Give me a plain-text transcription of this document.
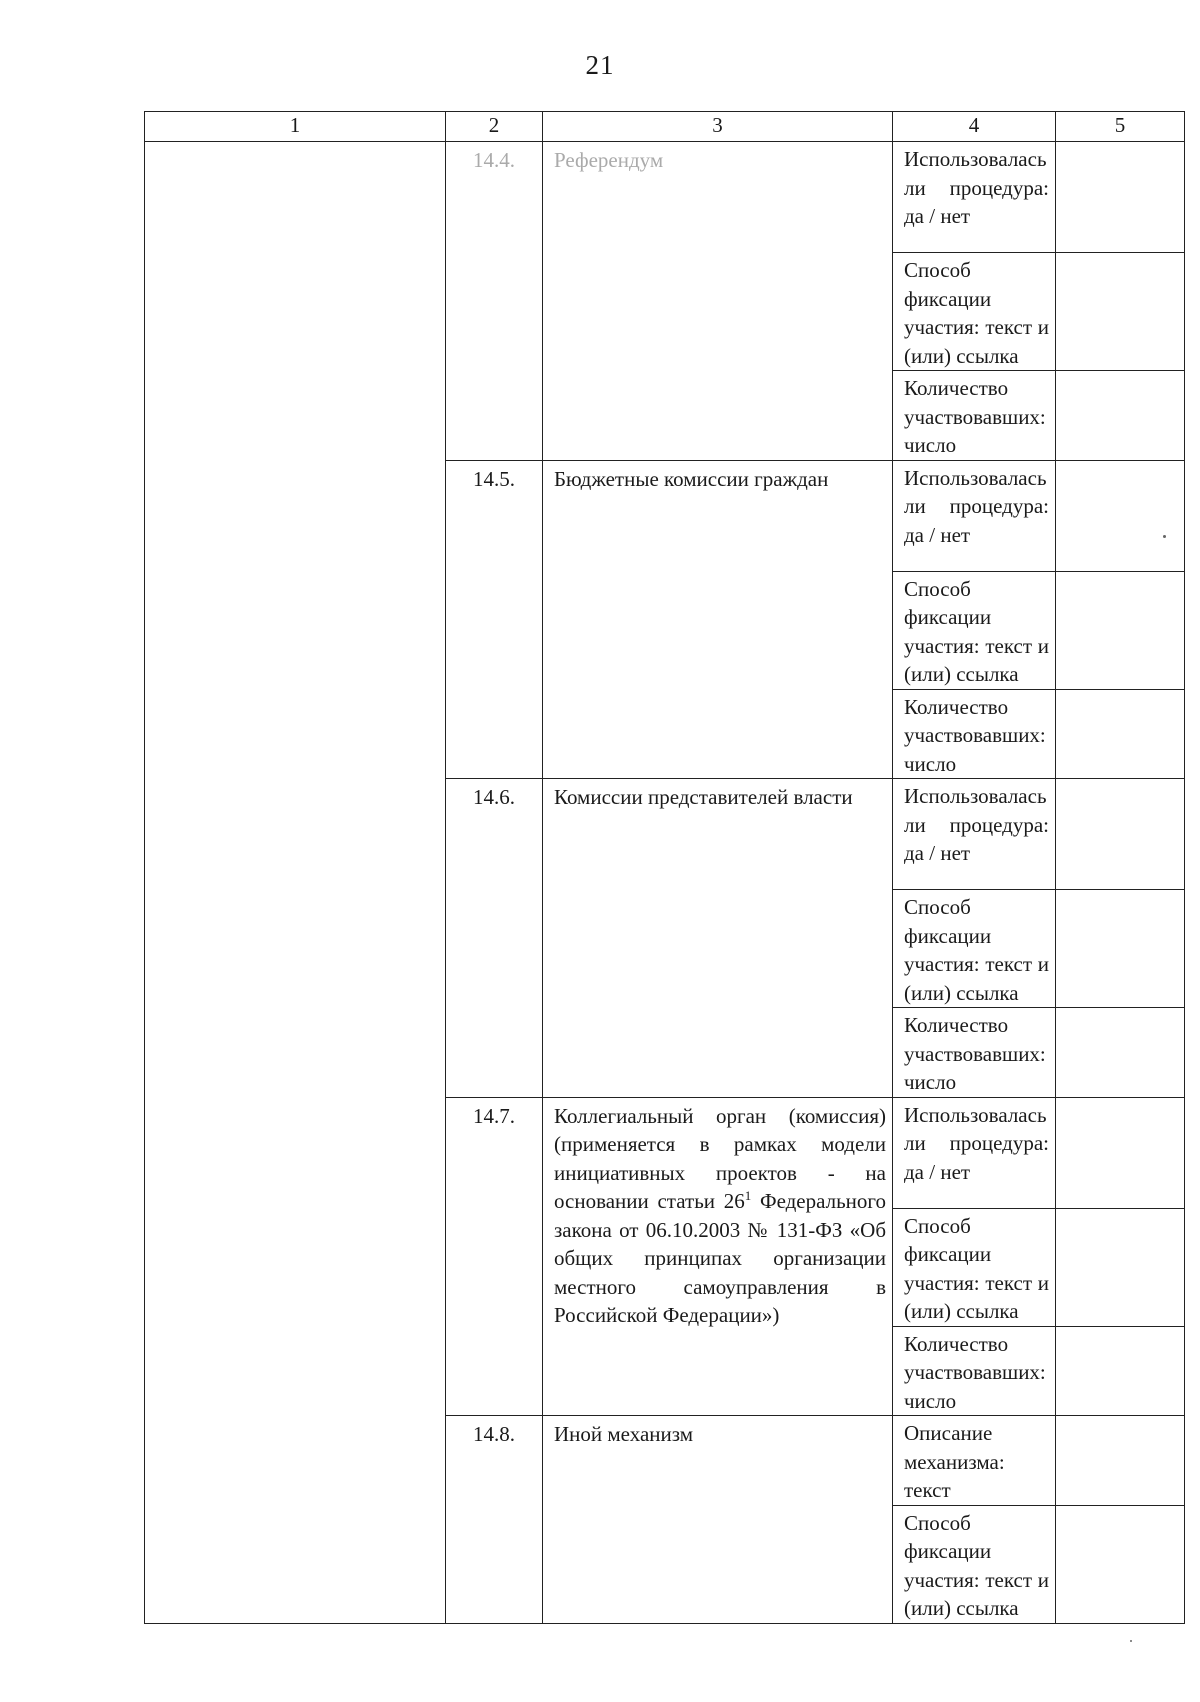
21
1	2	3	4	5
	14.4.	Референдум	Использовалась ли процедура: да / нет	
			Способ фиксации участия: текст и (или) ссылка	
			Количество участвовавших: число	
	14.5.	Бюджетные комиссии граждан	Использовалась ли процедура: да / нет	
			Способ фиксации участия: текст и (или) ссылка	
			Количество участвовавших: число	
	14.6.	Комиссии представителей власти	Использовалась ли процедура: да / нет	
			Способ фиксации участия: текст и (или) ссылка	
			Количество участвовавших: число	
	14.7.	Коллегиальный орган (комиссия) (применяется в рамках модели инициативных проектов - на основании статьи $26^1$ Федерального закона от 06.10.2003 № 131-ФЗ «Об общих принципах организации местного самоуправления в Российской Федерации»)	Использовалась ли процедура: да / нет	
			Способ фиксации участия: текст и (или) ссылка	
			Количество участвовавших: число	
	14.8.	Иной механизм	Описание механизма: текст	
			Способ фиксации участия: текст и (или) ссылка	
